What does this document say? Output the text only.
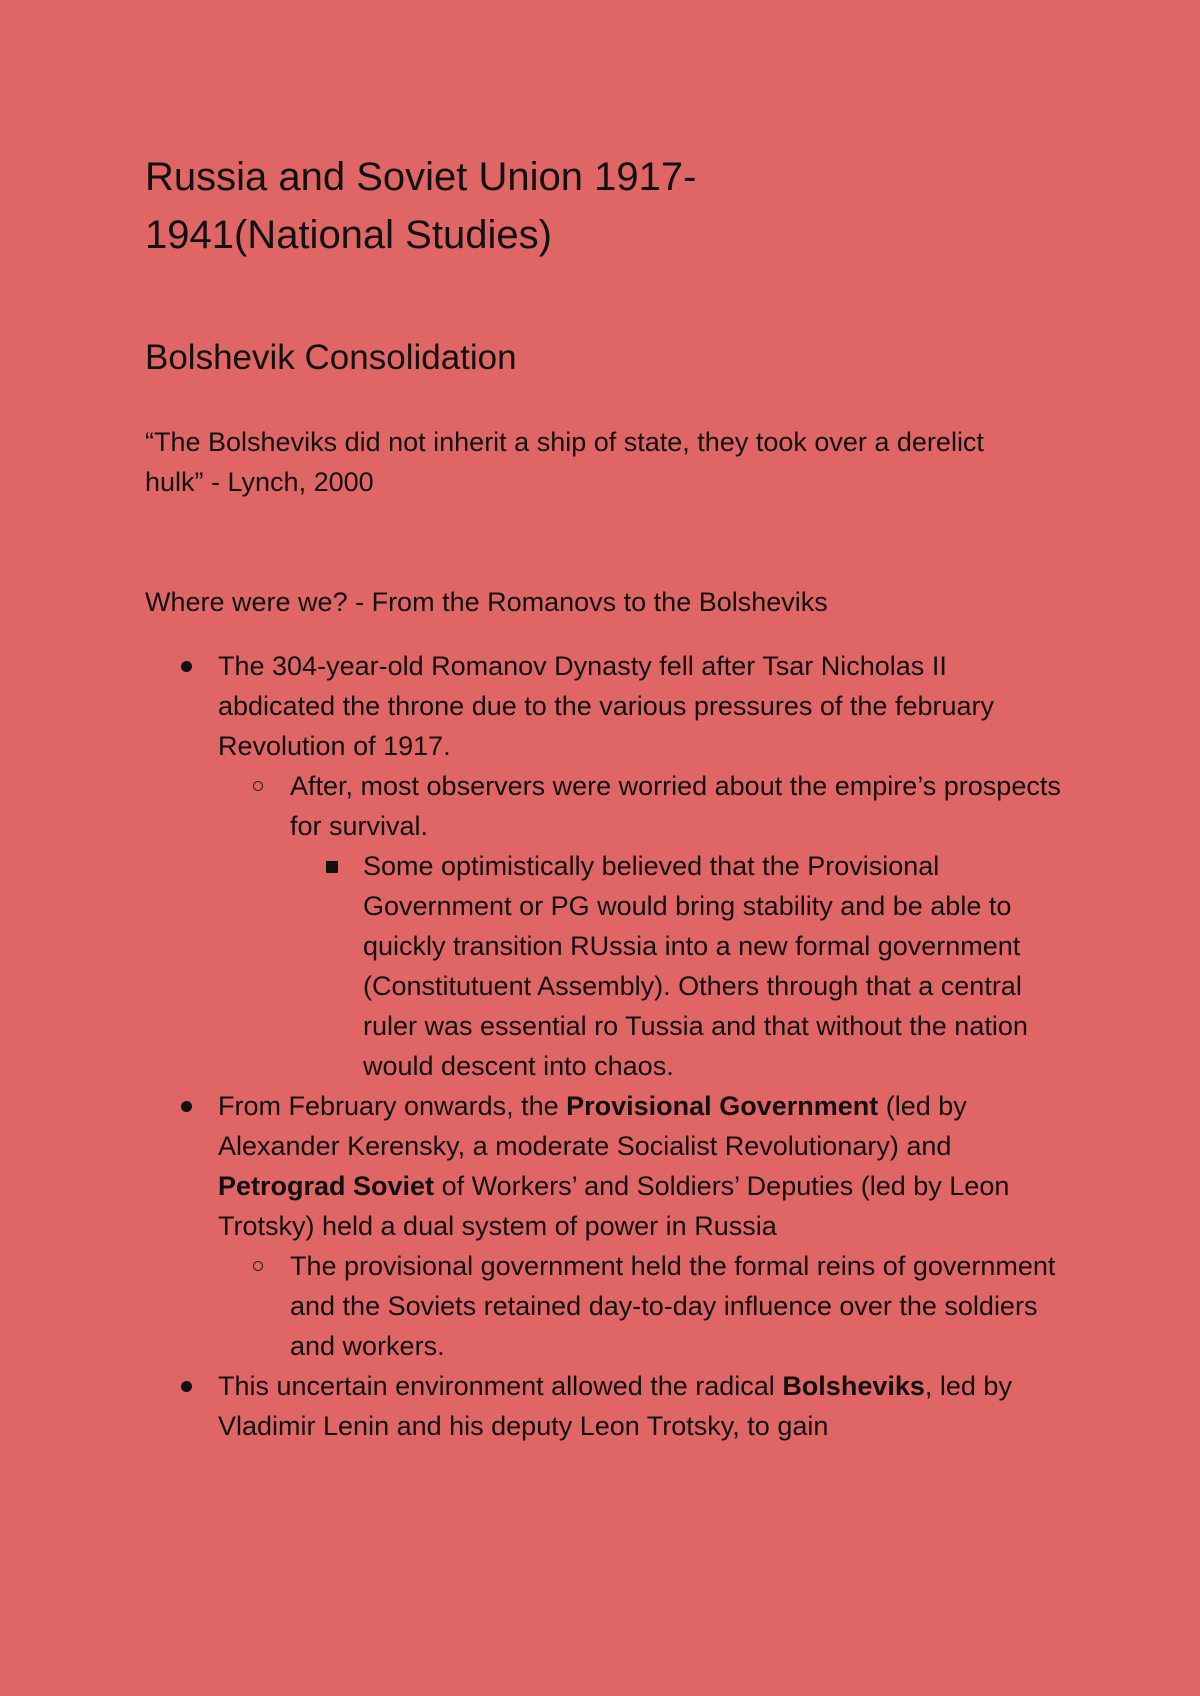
Russia and Soviet Union 1917-1941(National Studies)
Bolshevik Consolidation

“The Bolsheviks did not inherit a ship of state, they took over a derelict hulk” - Lynch, 2000

Where were we? - From the Romanovs to the Bolsheviks

The 304-year-old Romanov Dynasty fell after Tsar Nicholas II abdicated the throne due to the various pressures of the february Revolution of 1917.
After, most observers were worried about the empire’s prospects for survival.
Some optimistically believed that the Provisional Government or PG would bring stability and be able to quickly transition RUssia into a new formal government (Constitutuent Assembly). Others through that a central ruler was essential ro Tussia and that without the nation would descent into chaos.
From February onwards, the Provisional Government (led by Alexander Kerensky, a moderate Socialist Revolutionary) and Petrograd Soviet of Workers’ and Soldiers’ Deputies (led by Leon Trotsky) held a dual system of power in Russia
The provisional government held the formal reins of government and the Soviets retained day-to-day influence over the soldiers and workers.
This uncertain environment allowed the radical Bolsheviks, led by Vladimir Lenin and his deputy Leon Trotsky, to gain
